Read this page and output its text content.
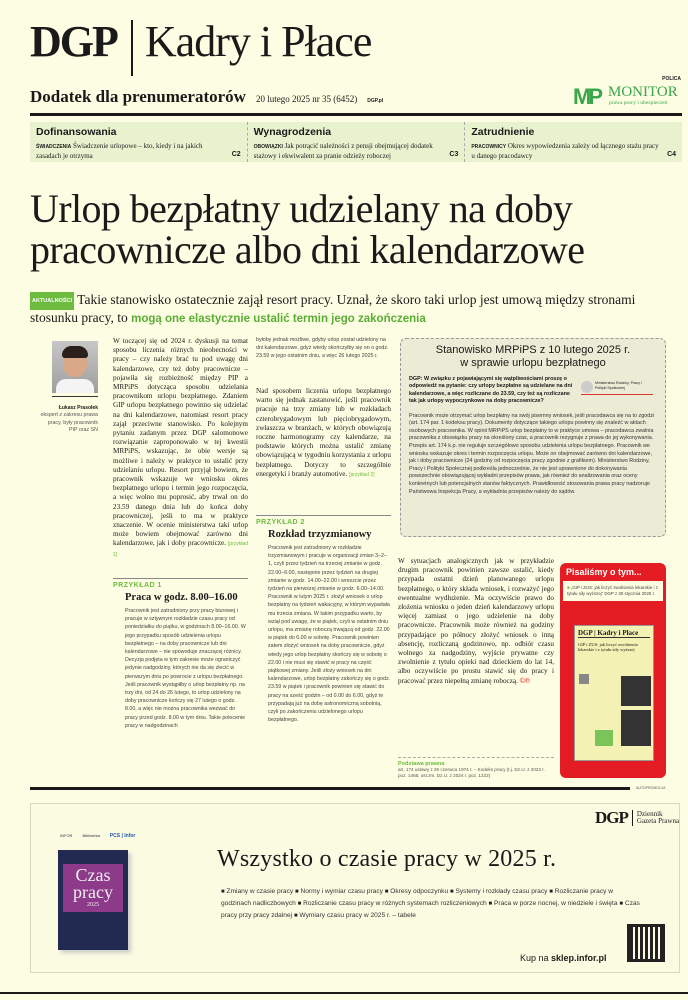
DGP Kadry i Płace
Dodatek dla prenumeratorów 20 lutego 2025 nr 35 (6452) DGP.pl
POLICA
MP MONITOR
prawa pracy i ubezpieczeń
Dofinansowania
ŚWIADCZENIA Świadczenie urlopowe – kto, kiedy i na jakich zasadach je otrzyma	C2
Wynagrodzenia
OBOWIĄZKI Jak potrącić należności z pensji obejmującej dodatek stażowy i ekwiwalent za pranie odzieży roboczej	C3
Zatrudnienie
PRACOWNICY Okres wypowiedzenia zależy od łącznego stażu pracy u danego pracodawcy	C4
Urlop bezpłatny udzielany na doby pracownicze albo dni kalendarzowe

AKTUALNOŚCI Takie stanowisko ostatecznie zajął resort pracy. Uznał, że skoro taki urlop jest umową między stronami stosunku pracy, to mogą one elastycznie ustalić termin jego zakończenia

Łukasz Prasołek
ekspert z zakresu prawa pracy, były pracownik PIP oraz SN
W toczącej się od 2024 r. dyskusji na temat sposobu liczenia różnych nieobecności w pracy – czy należy brać tu pod uwagę dni kalendarzowe, czy też doby pracownicze – pojawiła się rozbieżność między PIP a MRPiPS dotycząca sposobu udzielania pracownikom urlopu bezpłatnego. Zdaniem GIP urlopu bezpłatnego powinno się udzielać na dni kalendarzowe, natomiast resort pracy zajął przeciwne stanowisko. Po kolejnym pytaniu zadanym przez DGP salomonowe rozwiązanie zaproponowało w tej kwestii MRPiPS, wskazując, że obie wersje są możliwe i należy w praktyce to ustalić przy udzielaniu urlopu. Resort przyjął bowiem, że pracownik wskazuje we wniosku okres bezpłatnego urlopu i termin jego rozpoczęcia, a więc wolno mu poprosić, aby trwał on do 23.59 danego dnia lub do końca doby pracowniczej, jeśli to ma w praktyce znaczenie. W ocenie ministerstwa taki urlop może bowiem obejmować zarówno dni kalendarzowe, jak i doby pracownicze. [przykład 1]
PRZYKŁAD 1
Praca w godz. 8.00–16.00
Pracownik jest zatrudniony przy pracy biurowej i pracuje w sztywnym rozkładzie czasu pracy od poniedziałku do piątku, w godzinach 8.00–16.00. W jego przypadku sposób udzielenia urlopu bezpłatnego – na doby pracownicze lub dni kalendarzowe – nie spowoduje znaczącej różnicy. Decyzja podjęta w tym zakresie może ograniczyć jedynie nadgodziny, których nie da się zlecić w pierwszym dniu po powrocie z urlopu bezpłatnego. Jeśli pracownik wystąpiłby o urlop bezpłatny np. na trzy dni, od 24 do 26 lutego, to urlop udzielony na doby pracownicze kończy się 27 lutego o godz. 8.00, a więc nie można pracownika wezwać do pracy przed godz. 8.00 w tym dniu. Takie polecenie pracy w nadgodzinach
byłoby jednak możliwe, gdyby urlop został udzielony na dni kalendarzowe, gdyż wtedy skończyłby się on o godz. 23.59 w jego ostatnim dniu, a więc 26 lutego 2025 r.
Nad sposobem liczenia urlopu bezpłatnego warto się jednak zastanowić, jeśli pracownik pracuje na trzy zmiany lub w rozkładach czterobrygadowym lub pięciobrygadowym, zwłaszcza w branżach, w których obowiązują roczne harmonogramy czy kalendarze, na podstawie których można ustalić zmianę obowiązującą w tygodniu korzystania z urlopu bezpłatnego. Dotyczy to szczególnie energetyki i branży automotive. [przykład 2]
PRZYKŁAD 2
Rozkład trzyzmianowy
Pracownik jest zatrudniony w rozkładzie trzyzmianowym i pracuje w organizacji zmian 3–2–1, czyli przez tydzień na trzeciej zmianie w godz. 22.00–6.00, następnie przez tydzień na drugiej zmianie w godz. 14.00–22.00 i wreszcie przez tydzień na pierwszej zmianie w godz. 6.00–14.00. Pracownik w lutym 2025 r. złożył wniosek o urlop bezpłatny na tydzień wakacyjny, w którym wypadała mu trzecia zmiana. W takim przypadku warto, by wziął pod uwagę, że w piątek, czyli w ostatnim dniu urlopu, ma zmianę roboczą trwającą od godz. 22.00 w piątek do 6.00 w sobotę. Pracownik powinien zatem złożyć wniosek na doby pracownicze, gdyż wtedy jego urlop bezpłatny skończy się w sobotę o 22.00 i nie musi się stawić w pracy na część piątkowej zmiany. Jeśli złoży wniosek na dni kalendarzowe, urlop bezpłatny zakończy się o godz. 23.59 w piątek i pracownik powinien się stawić do pracy na sześć godzin – od 0.00 do 6.00, gdyż te przypadają już na dobę astronomiczną sobotnią, czyli po zakończeniu udzielonego urlopu bezpłatnego.
Stanowisko MRPiPS z 10 lutego 2025 r.
w sprawie urlopu bezpłatnego
DGP: W związku z pojawiającymi się wątpliwościami proszę o odpowiedź na pytanie: czy urlopy bezpłatne są udzielane na dni kalendarzowe, a więc rozliczane do 23.59, czy też są rozliczane tak jak urlopy wypoczynkowe na doby pracownicze?
Ministerstwo Rodziny, Pracy i Polityki Społecznej
Pracownik może otrzymać urlop bezpłatny na swój pisemny wniosek, jeśli pracodawca się na to zgodzi (art. 174 par. 1 kodeksu pracy). Dokumenty dotyczące takiego urlopu powinny się znaleźć w aktach osobowych pracownika. W opinii MRPiPS urlop bezpłatny to w praktyce umowa – pracodawca zwalnia pracownika z obowiązku pracy na określony czas, a pracownik rezygnuje z prawa do jej wykonywania. Przepis art. 174 k.p. nie reguluje szczegółowo sposobu udzielenia urlopu bezpłatnego. Pracownik we wniosku wskazuje okres i termin rozpoczęcia urlopu. Może on obejmować zarówno dni kalendarzowe, jak i doby pracownicze (24 godziny od rozpoczęcia pracy zgodnie z grafikiem). Ministerstwo Rodziny, Pracy i Polityki Społecznej podkreśla jednocześnie, że nie jest uprawnione do dokonywania powszechnie obowiązującej wykładni przepisów prawa, jak również do analizowania oraz oceny konkretnych lub potencjalnych stanów faktycznych. Prawidłowość stosowania prawa pracy nadzoruje Państwowa Inspekcja Pracy, a wykładnia przepisów należy do sądów.
W sytuacjach analogicznych jak w przykładzie drugim pracownik powinien zawsze ustalić, kiedy przypada ostatni dzień planowanego urlopu bezpłatnego, o który składa wniosek, i rozważyć jego ewentualne wydłużenie. Ma oczywiście prawo do złożenia wniosku o jeden dzień kalendarzowy urlopu więcej zamiast o jego udzielenie na doby pracownicze. Pracownik może również na godziny przypadające po północy złożyć wniosek o inną absencję, rozliczaną godzinowo, np. odbiór czasu wolnego za nadgodziny, wyjście prywatne czy zwolnienie z tytułu opieki nad dzieckiem do lat 14, albo oczywiście po prostu stawić się do pracy i pracować przez niepełną zmianę roboczą. ©℗
Podstawa prawna
art. 174 ustawy z 26 czerwca 1974 r. – Kodeks pracy (t.j. Dz.U. z 2023 r. poz. 1465; ost.zm. Dz.U. z 2024 r. poz. 1222)
Pisaliśmy o tym...
■ „GIP i ZUS: jak liczyć zwolnienia lekarskie i z tytułu siły wyższej” DGP z 30 stycznia 2025 r.
DGP | Kadry i Płace
GIP i ZUS: jak liczyć zwolnienia lekarskie i z tytułu siły wyższej
AUTOPROMOCJA
INFOR	Biblioteka PCS | Infor
Czas
pracy
2025
DGP Dziennik
Gazeta Prawna
Wszystko o czasie pracy w 2025 r.
■ Zmiany w czasie pracy ■ Normy i wymiar czasu pracy ■ Okresy odpoczynku ■ Systemy i rozkłady czasu pracy ■ Rozliczanie pracy w godzinach nadliczbowych ■ Rozliczanie czasu pracy w różnych systemach rozliczeniowych ■ Praca w porze nocnej, w niedziele i święta ■ Czas pracy przy pracy zdalnej ■ Wymiary czasu pracy w 2025 r. – tabele
Kup na sklep.infor.pl
